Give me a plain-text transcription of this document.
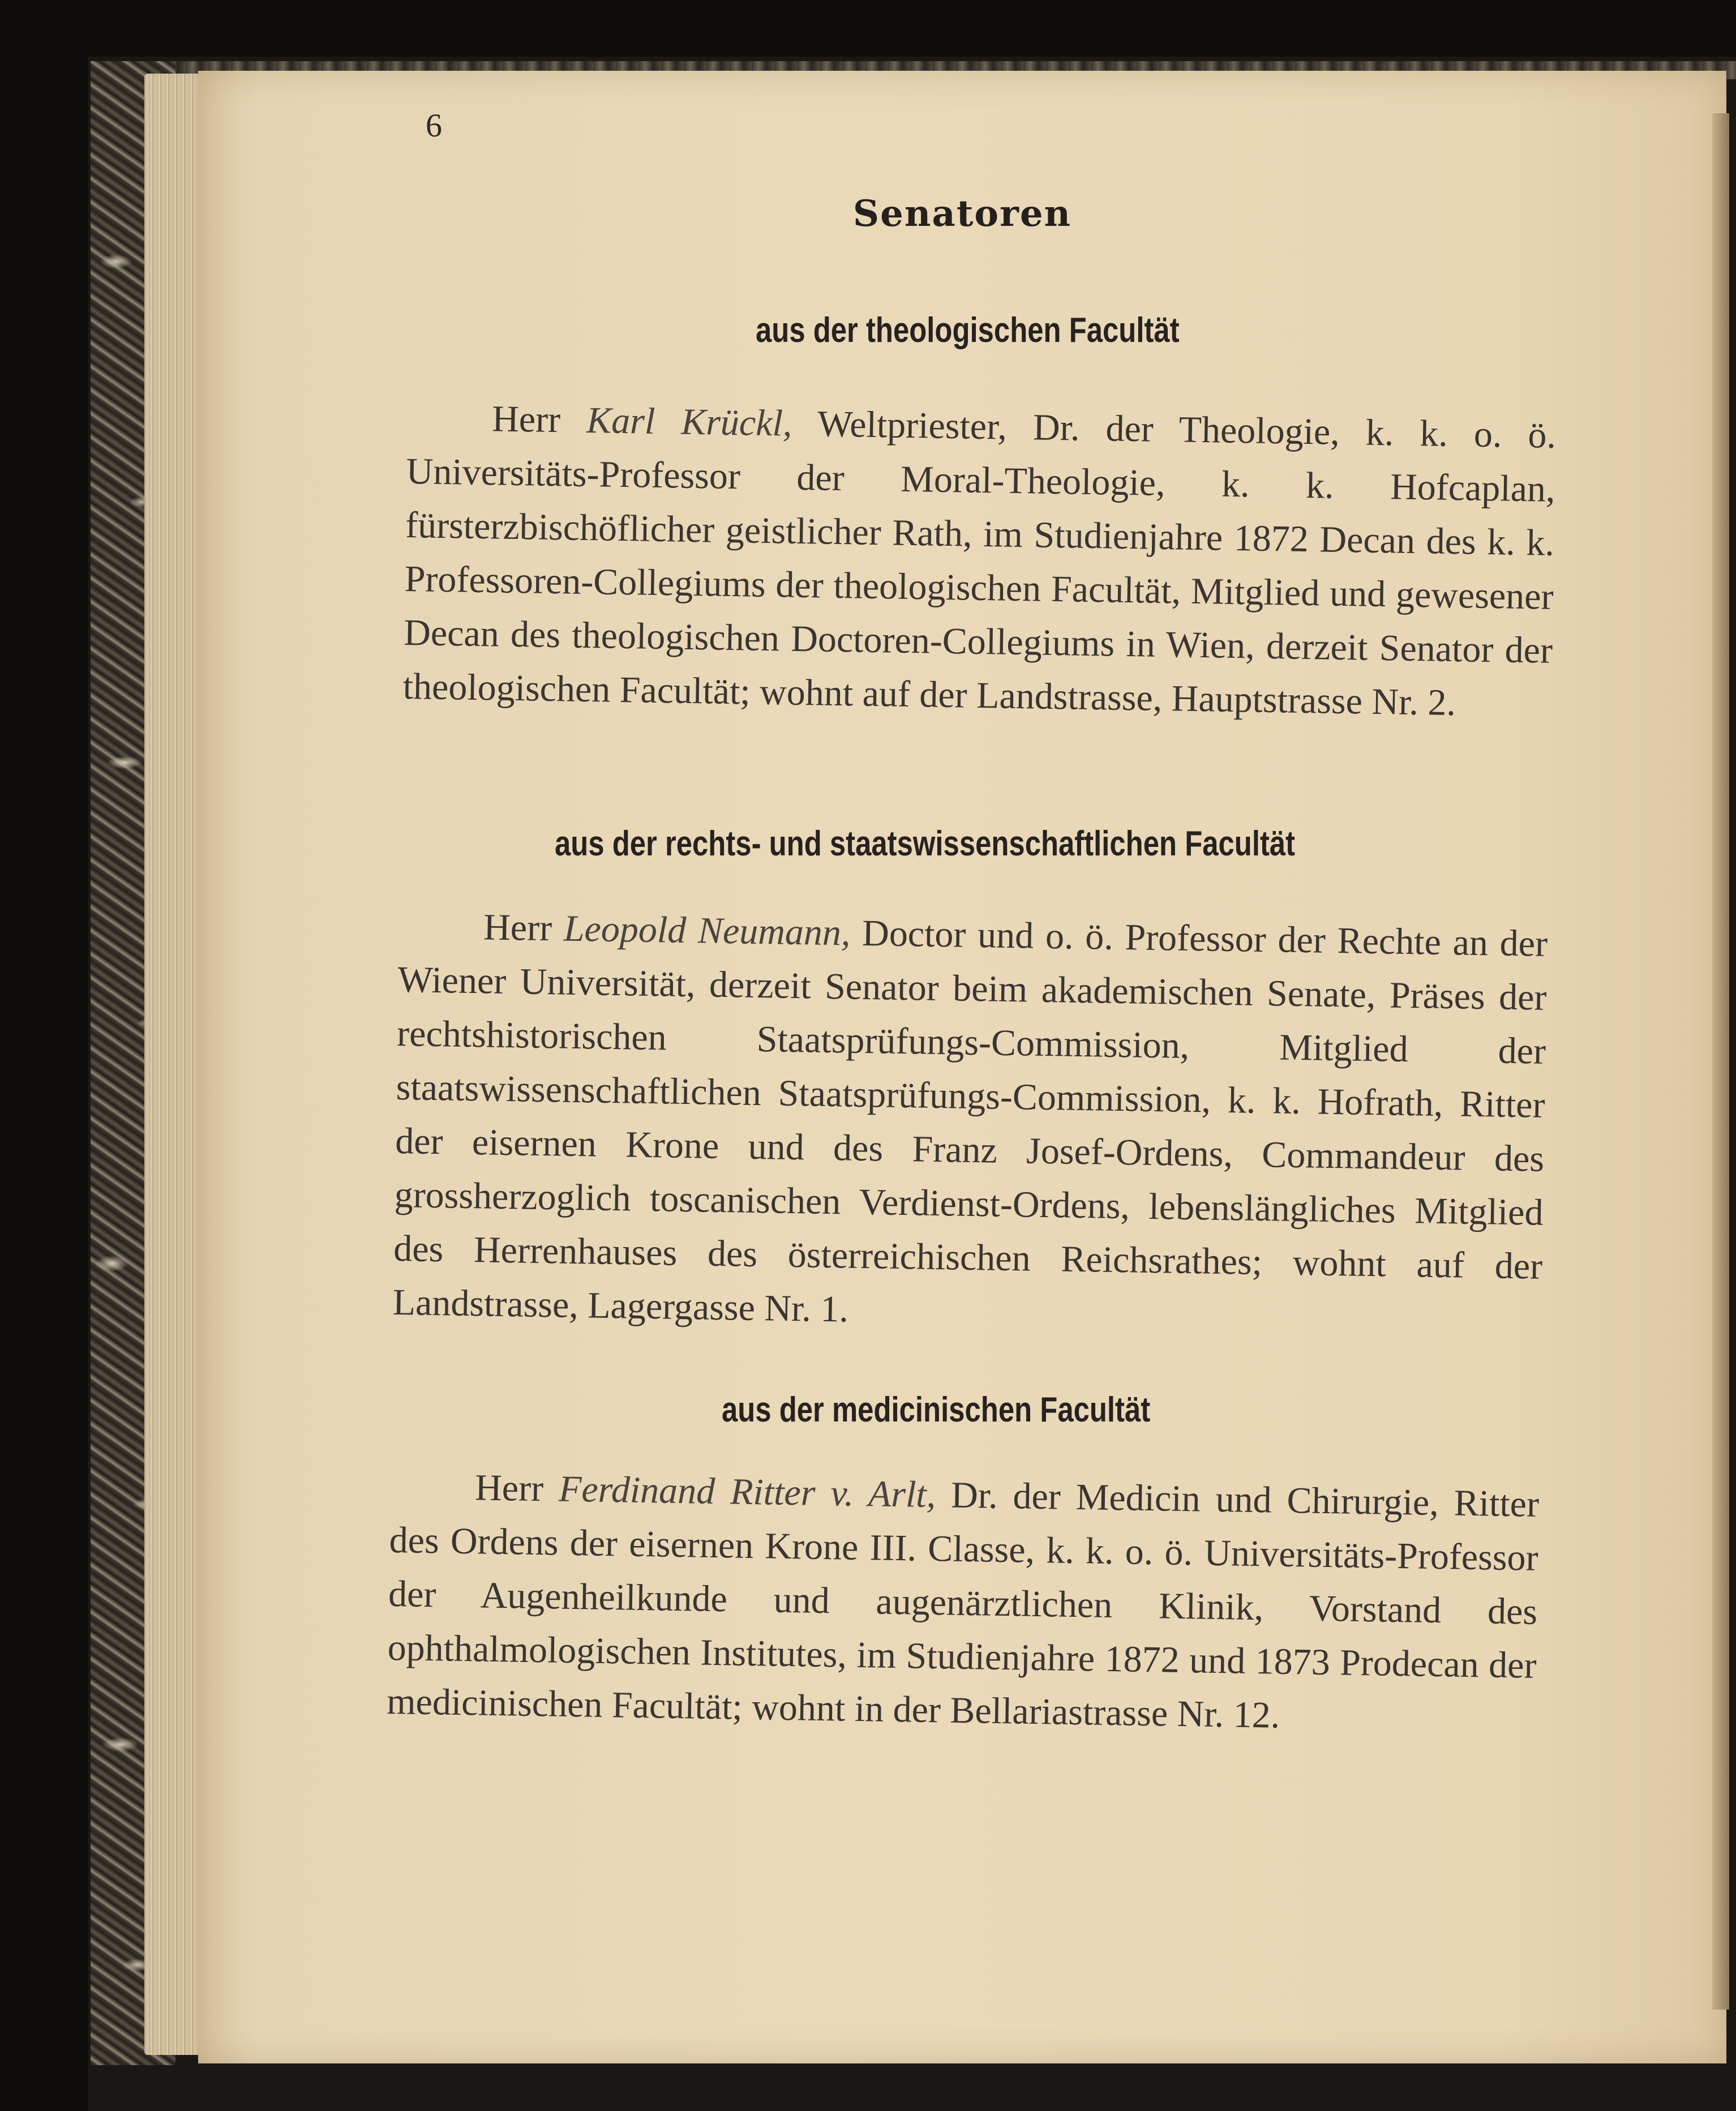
6
Senatoren
aus der theologischen Facultät
Herr Karl Krückl, Weltpriester, Dr. der Theologie, k. k. o. ö. Universitäts-Professor der Moral-Theologie, k. k. Hofcaplan, fürsterzbischöflicher geistlicher Rath, im Studienjahre 1872 Decan des k. k. Professoren-Collegiums der theologischen Facultät, Mitglied und gewesener Decan des theologischen Doctoren-Collegiums in Wien, derzeit Senator der theologischen Facultät; wohnt auf der Landstrasse, Hauptstrasse Nr. 2.
aus der rechts- und staatswissenschaftlichen Facultät
Herr Leopold Neumann, Doctor und o. ö. Professor der Rechte an der Wiener Universität, derzeit Senator beim akademischen Senate, Präses der rechtshistorischen Staatsprüfungs-Commission, Mitglied der staatswissenschaftlichen Staatsprüfungs-Commission, k. k. Hofrath, Ritter der eisernen Krone und des Franz Josef-Ordens, Commandeur des grossherzoglich toscanischen Verdienst-Ordens, lebenslängliches Mitglied des Herrenhauses des österreichischen Reichsrathes; wohnt auf der Landstrasse, Lagergasse Nr. 1.
aus der medicinischen Facultät
Herr Ferdinand Ritter v. Arlt, Dr. der Medicin und Chirurgie, Ritter des Ordens der eisernen Krone III. Classe, k. k. o. ö. Universitäts-Professor der Augenheilkunde und augenärztlichen Klinik, Vorstand des ophthalmologischen Institutes, im Studienjahre 1872 und 1873 Prodecan der medicinischen Facultät; wohnt in der Bellariastrasse Nr. 12.
